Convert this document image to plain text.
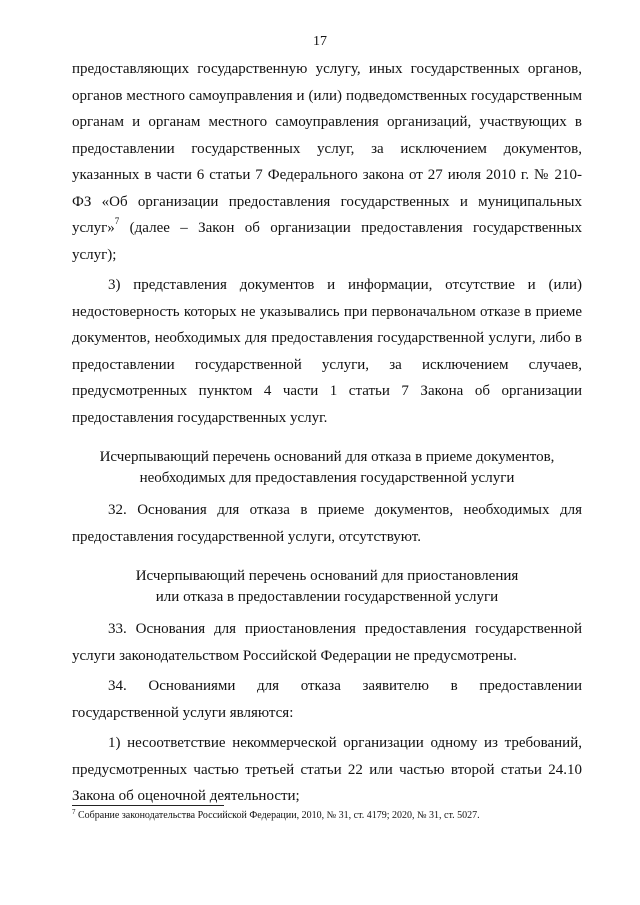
17

предоставляющих государственную услугу, иных государственных органов, органов местного самоуправления и (или) подведомственных государственным органам и органам местного самоуправления организаций, участвующих в предоставлении государственных услуг, за исключением документов, указанных в части 6 статьи 7 Федерального закона от 27 июля 2010 г. № 210-ФЗ «Об организации предоставления государственных и муниципальных услуг»$^7$ (далее – Закон об организации предоставления государственных услуг);

3) представления документов и информации, отсутствие и (или) недостоверность которых не указывались при первоначальном отказе в приеме документов, необходимых для предоставления государственной услуги, либо в предоставлении государственной услуги, за исключением случаев, предусмотренных пунктом 4 части 1 статьи 7 Закона об организации предоставления государственных услуг.

Исчерпывающий перечень оснований для отказа в приеме документов,
необходимых для предоставления государственной услуги

32. Основания для отказа в приеме документов, необходимых для предоставления государственной услуги, отсутствуют.

Исчерпывающий перечень оснований для приостановления
или отказа в предоставлении государственной услуги

33. Основания для приостановления предоставления государственной услуги законодательством Российской Федерации не предусмотрены.

34. Основаниями для отказа заявителю в предоставлении государственной услуги являются:

1) несоответствие некоммерческой организации одному из требований, предусмотренных частью третьей статьи 22 или частью второй статьи 24.10 Закона об оценочной деятельности;

$^7$ Собрание законодательства Российской Федерации, 2010, № 31, ст. 4179; 2020, № 31, ст. 5027.
